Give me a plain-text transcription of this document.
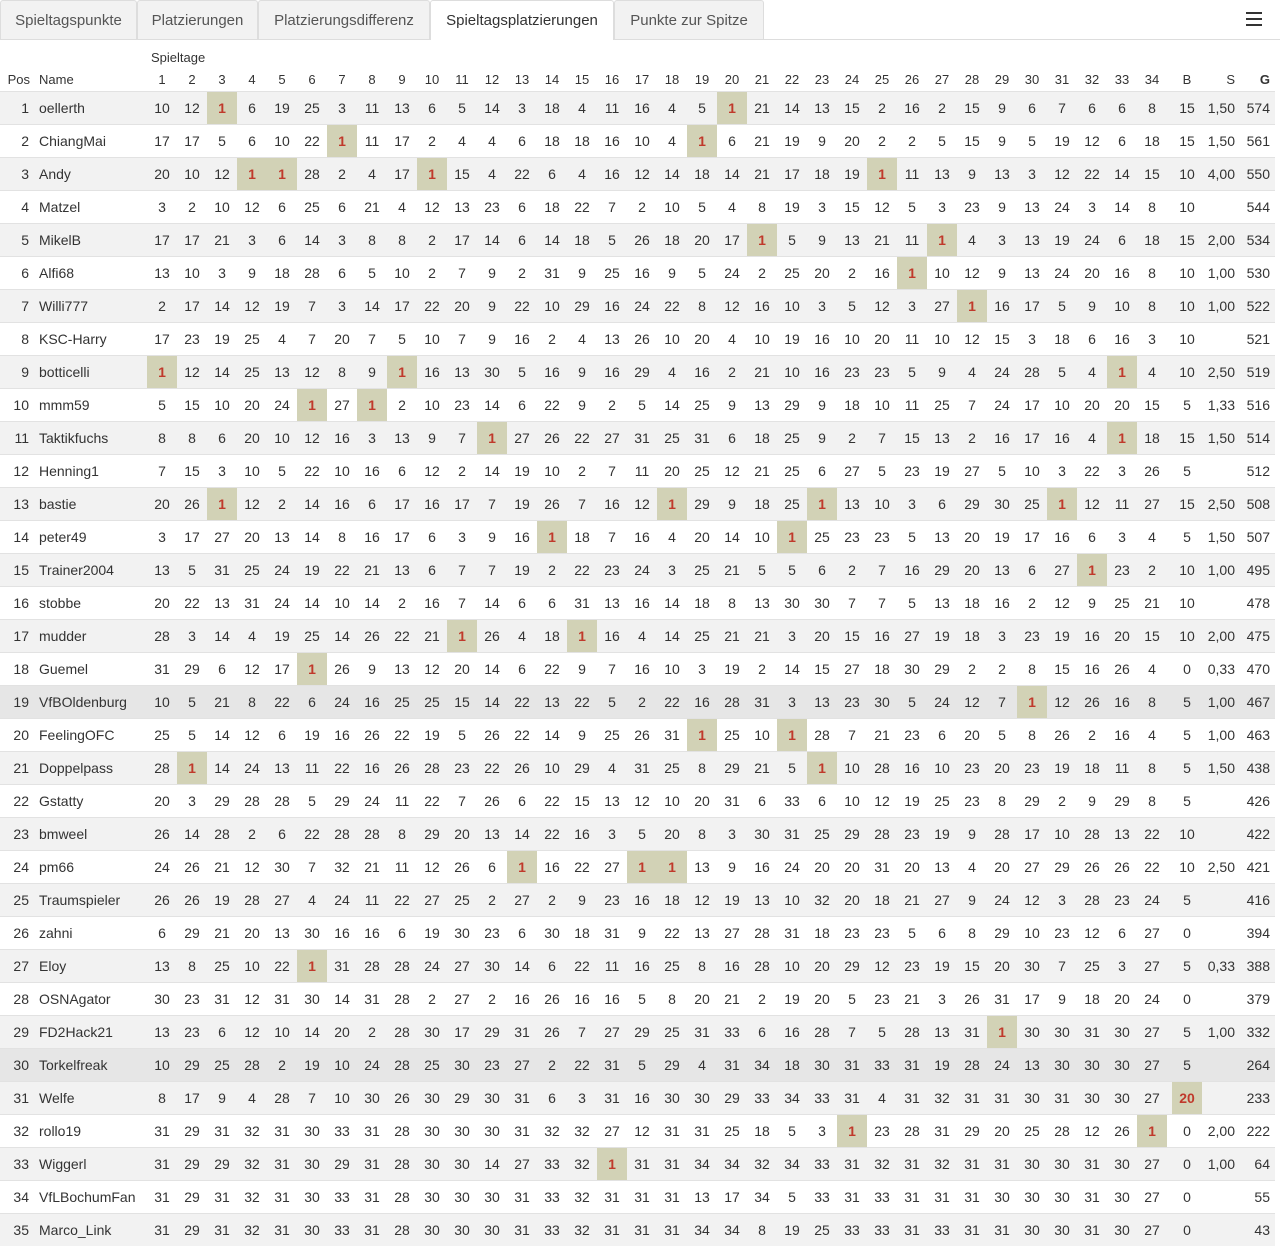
Spieltagspunkte	Platzierungen	Platzierungsdifferenz	Spieltagsplatzierungen	Punkte zur Spitze
Spieltage
Pos Name	1	2	3	4	5	6	7	8	9	10	11	12	13	14	15	16	17	18	19	20	21	22	23	24	25	26	27	28	29	30	31	32	33	34	B	S	G
1 oellerth	10	12	1	6	19	25	3	11	13	6	5	14	3	18	4	11	16	4	5	1	21	14	13	15	2	16	2	15	9	6	7	6	6	8	15 1,50 574
2 ChiangMai	17	17	5	6	10	22	1	11	17	2	4	4	6	18	18	16	10	4	1	6	21	19	9	20	2	2	5	15	9	5	19	12	6	18	15 1,50 561
3 Andy	20	10	12	1	1	28	2	4	17	1	15	4	22	6	4	16	12	14	18	14	21	17	18	19	1	11	13	9	13	3	12	22	14	15	10 4,00 550
4 Matzel	3	2	10	12	6	25	6	21	4	12	13	23	6	18	22	7	2	10	5	4	8	19	3	15	12	5	3	23	9	13	24	3	14	8	10	544
5 MikelB	17	17	21	3	6	14	3	8	8	2	17	14	6	14	18	5	26	18	20	17	1	5	9	13	21	11	1	4	3	13	19	24	6	18	15 2,00 534
6 Alfi68	13	10	3	9	18	28	6	5	10	2	7	9	2	31	9	25	16	9	5	24	2	25	20	2	16	1	10	12	9	13	24	20	16	8	10 1,00 530
7 Willi777	2	17	14	12	19	7	3	14	17	22	20	9	22	10	29	16	24	22	8	12	16	10	3	5	12	3	27	1	16	17	5	9	10	8	10 1,00 522
8 KSC-Harry	17	23	19	25	4	7	20	7	5	10	7	9	16	2	4	13	26	10	20	4	10	19	16	10	20	11	10	12	15	3	18	6	16	3	10	521
9 botticelli	1	12	14	25	13	12	8	9	1	16	13	30	5	16	9	16	29	4	16	2	21	10	16	23	23	5	9	4	24	28	5	4	1	4	10 2,50 519
10 mmm59	5	15	10	20	24	1	27	1	2	10	23	14	6	22	9	2	5	14	25	9	13	29	9	18	10	11	25	7	24	17	10	20	20	15	5	1,33 516
11 Taktikfuchs	8	8	6	20	10	12	16	3	13	9	7	1	27	26	22	27	31	25	31	6	18	25	9	2	7	15	13	2	16	17	16	4	1	18	15 1,50 514
12 Henning1	7	15	3	10	5	22	10	16	6	12	2	14	19	10	2	7	11	20	25	12	21	25	6	27	5	23	19	27	5	10	3	22	3	26	5	512
13 bastie	20	26	1	12	2	14	16	6	17	16	17	7	19	26	7	16	12	1	29	9	18	25	1	13	10	3	6	29	30	25	1	12	11	27	15 2,50 508
14 peter49	3	17	27	20	13	14	8	16	17	6	3	9	16	1	18	7	16	4	20	14	10	1	25	23	23	5	13	20	19	17	16	6	3	4	5	1,50 507
15 Trainer2004	13	5	31	25	24	19	22	21	13	6	7	7	19	2	22	23	24	3	25	21	5	5	6	2	7	16	29	20	13	6	27	1	23	2	10 1,00 495
16 stobbe	20	22	13	31	24	14	10	14	2	16	7	14	6	6	31	13	16	14	18	8	13	30	30	7	7	5	13	18	16	2	12	9	25	21	10	478
17 mudder	28	3	14	4	19	25	14	26	22	21	1	26	4	18	1	16	4	14	25	21	21	3	20	15	16	27	19	18	3	23	19	16	20	15	10 2,00 475
18 Guemel	31	29	6	12	17	1	26	9	13	12	20	14	6	22	9	7	16	10	3	19	2	14	15	27	18	30	29	2	2	8	15	16	26	4	0	0,33 470
19 VfBOldenburg	10	5	21	8	22	6	24	16	25	25	15	14	22	13	22	5	2	22	16	28	31	3	13	23	30	5	24	12	7	1	12	26	16	8	5	1,00 467
20 FeelingOFC	25	5	14	12	6	19	16	26	22	19	5	26	22	14	9	25	26	31	1	25	10	1	28	7	21	23	6	20	5	8	26	2	16	4	5	1,00 463
21 Doppelpass	28	1	14	24	13	11	22	16	26	28	23	22	26	10	29	4	31	25	8	29	21	5	1	10	28	16	10	23	20	23	19	18	11	8	5	1,50 438
22 Gstatty	20	3	29	28	28	5	29	24	11	22	7	26	6	22	15	13	12	10	20	31	6	33	6	10	12	19	25	23	8	29	2	9	29	8	5	426
23 bmweel	26	14	28	2	6	22	28	28	8	29	20	13	14	22	16	3	5	20	8	3	30	31	25	29	28	23	19	9	28	17	10	28	13	22	10	422
24 pm66	24	26	21	12	30	7	32	21	11	12	26	6	1	16	22	27	1	1	13	9	16	24	20	20	31	20	13	4	20	27	29	26	26	22	10 2,50 421
25 Traumspieler	26	26	19	28	27	4	24	11	22	27	25	2	27	2	9	23	16	18	12	19	13	10	32	20	18	21	27	9	24	12	3	28	23	24	5	416
26 zahni	6	29	21	20	13	30	16	16	6	19	30	23	6	30	18	31	9	22	13	27	28	31	18	23	23	5	6	8	29	10	23	12	6	27	0	394
27 Eloy	13	8	25	10	22	1	31	28	28	24	27	30	14	6	22	11	16	25	8	16	28	10	20	29	12	23	19	15	20	30	7	25	3	27	5	0,33 388
28 OSNAgator	30	23	31	12	31	30	14	31	28	2	27	2	16	26	16	16	5	8	20	21	2	19	20	5	23	21	3	26	31	17	9	18	20	24	0	379
29 FD2Hack21	13	23	6	12	10	14	20	2	28	30	17	29	31	26	7	27	29	25	31	33	6	16	28	7	5	28	13	31	1	30	30	31	30	27	5	1,00 332
30 Torkelfreak	10	29	25	28	2	19	10	24	28	25	30	23	27	2	22	31	5	29	4	31	34	18	30	31	33	31	19	28	24	13	30	30	30	27	5	264
31 Welfe	8	17	9	4	28	7	10	30	26	30	29	30	31	6	3	31	16	30	30	29	33	34	33	31	4	31	32	31	31	30	31	30	30	27	20	233
32 rollo19	31	29	31	32	31	30	33	31	28	30	30	30	31	32	32	27	12	31	31	25	18	5	3	1	23	28	31	29	20	25	28	12	26	1	0	2,00 222
33 Wiggerl	31	29	29	32	31	30	29	31	28	30	30	14	27	33	32	1	31	31	34	34	32	34	33	31	32	31	32	31	31	30	30	31	30	27	0	1,00	64
34 VfLBochumFan	31	29	31	32	31	30	33	31	28	30	30	30	31	33	32	31	31	31	13	17	34	5	33	31	33	31	31	31	30	30	30	31	30	27	0	55
35 Marco_Link	31	29	31	32	31	30	33	31	28	30	30	30	31	33	32	31	31	31	34	34	8	19	25	33	33	31	33	31	31	30	30	31	30	27	0	43
